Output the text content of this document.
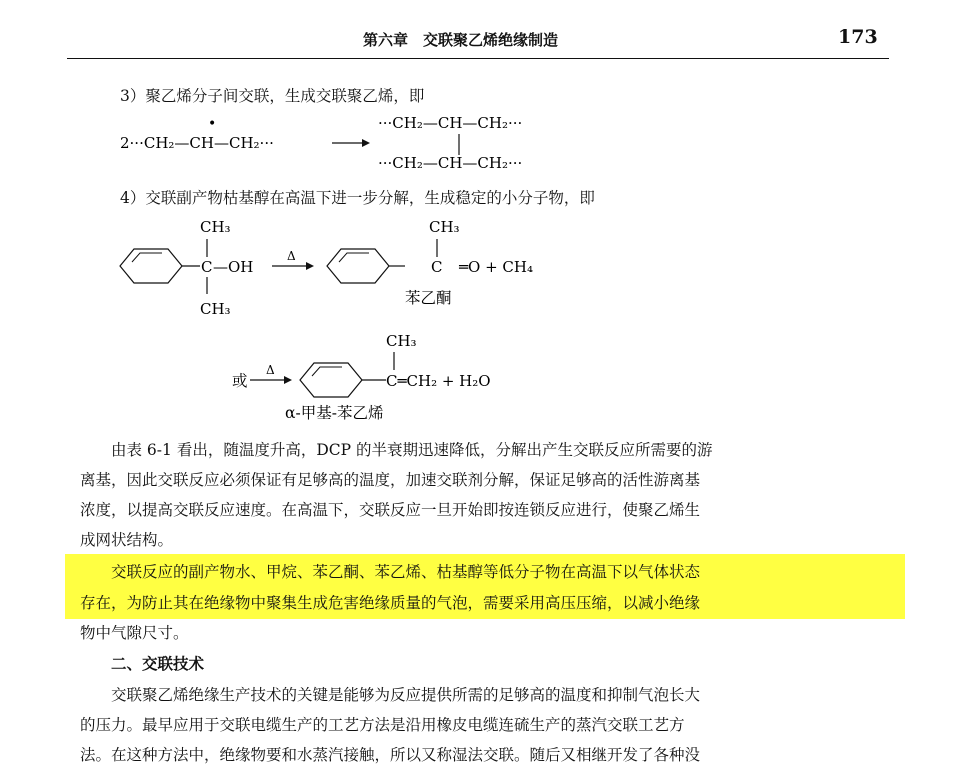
第六章　交联聚乙烯绝缘制造	173
3）聚乙烯分子间交联，生成交联聚乙烯，即
•
2···CH₂—CH—CH₂···
···CH₂—CH—CH₂···
···CH₂—CH—CH₂···
4）交联副产物枯基醇在高温下进一步分解，生成稳定的小分子物，即
CH₃
C —OH
CH₃
Δ
CH₃
C ═O + CH₄
苯乙酮
CH₃
或
Δ
C═CH₂ + H₂O
α-甲基-苯乙烯
　　由表 6-1 看出，随温度升高，DCP 的半衰期迅速降低，分解出产生交联反应所需要的游
离基，因此交联反应必须保证有足够高的温度，加速交联剂分解，保证足够高的活性游离基
浓度，以提高交联反应速度。在高温下，交联反应一旦开始即按连锁反应进行，使聚乙烯生
成网状结构。
　　交联反应的副产物水、甲烷、苯乙酮、苯乙烯、枯基醇等低分子物在高温下以气体状态
存在，为防止其在绝缘物中聚集生成危害绝缘质量的气泡，需要采用高压压缩，以减小绝缘
物中气隙尺寸。
　　二、交联技术
　　交联聚乙烯绝缘生产技术的关键是能够为反应提供所需的足够高的温度和抑制气泡长大
的压力。最早应用于交联电缆生产的工艺方法是沿用橡皮电缆连硫生产的蒸汽交联工艺方
法。在这种方法中，绝缘物要和水蒸汽接触，所以又称湿法交联。随后又相继开发了各种没
